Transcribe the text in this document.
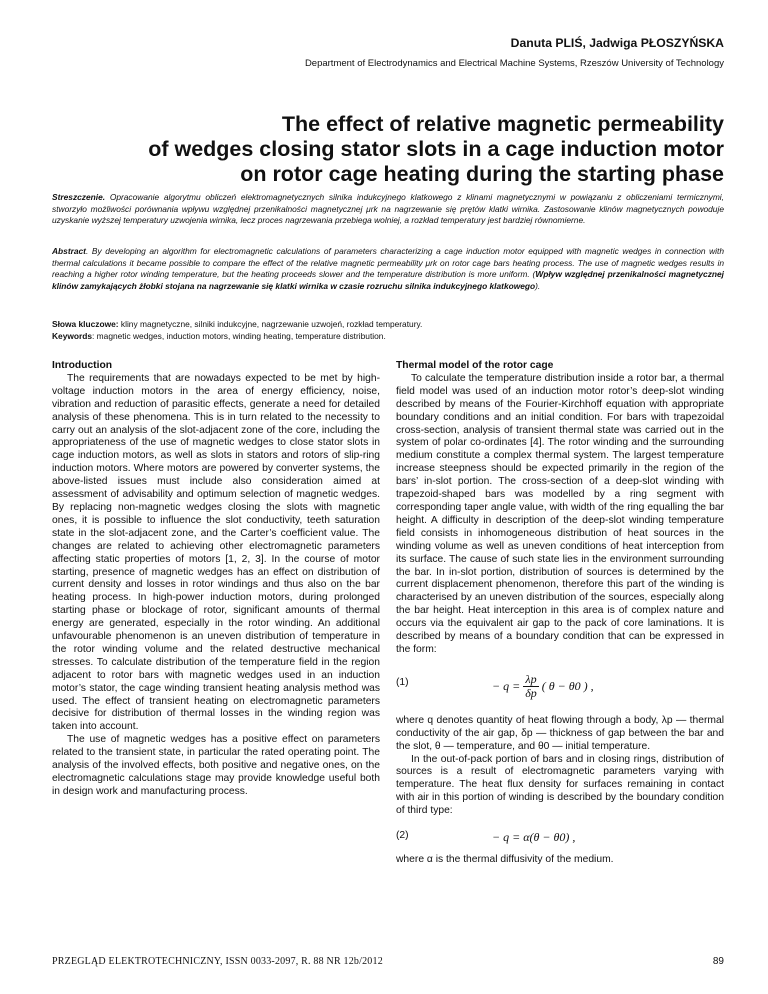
Danuta PLIŚ, Jadwiga PŁOSZYŃSKA
Department of Electrodynamics and Electrical Machine Systems, Rzeszów University of Technology
The effect of relative magnetic permeability
of wedges closing stator slots in a cage induction motor
on rotor cage heating during the starting phase
Streszczenie. Opracowanie algorytmu obliczeń elektromagnetycznych silnika indukcyjnego klatkowego z klinami magnetycznymi w powiązaniu z obliczeniami termicznymi, stworzyło możliwości porównania wpływu względnej przenikalności magnetycznej μrk na nagrzewanie się prętów klatki wirnika. Zastosowanie klinów magnetycznych powoduje uzyskanie wyższej temperatury uzwojenia wirnika, lecz proces nagrzewania przebiega wolniej, a rozkład temperatury jest bardziej równomierne.
Abstract. By developing an algorithm for electromagnetic calculations of parameters characterizing a cage induction motor equipped with magnetic wedges in connection with thermal calculations it became possible to compare the effect of the relative magnetic permeability μrk on rotor cage bars heating process. The use of magnetic wedges results in reaching a higher rotor winding temperature, but the heating proceeds slower and the temperature distribution is more uniform. (Wpływ względnej przenikalności magnetycznej klinów zamykających żłobki stojana na nagrzewanie się klatki wirnika w czasie rozruchu silnika indukcyjnego klatkowego).
Słowa kluczowe: kliny magnetyczne, silniki indukcyjne, nagrzewanie uzwojeń, rozkład temperatury.
Keywords: magnetic wedges, induction motors, winding heating, temperature distribution.
Introduction

The requirements that are nowadays expected to be met by high-voltage induction motors in the area of energy efficiency, noise, vibration and reduction of parasitic effects, generate a need for detailed analysis of these phenomena. This is in turn related to the necessity to carry out an analysis of the slot-adjacent zone of the core, including the appropriateness of the use of magnetic wedges to close stator slots in cage induction motors, as well as slots in stators and rotors of slip-ring induction motors. Where motors are powered by converter systems, the above-listed issues must include also consideration aimed at assessment of advisability and optimum selection of magnetic wedges. By replacing non-magnetic wedges closing the slots with magnetic ones, it is possible to influence the slot conductivity, teeth saturation state in the slot-adjacent zone, and the Carter’s coefficient value. The changes are related to achieving other electromagnetic parameters affecting static properties of motors [1, 2, 3]. In the course of motor starting, presence of magnetic wedges has an effect on distribution of current density and losses in rotor windings and thus also on the bar heating process. In high-power induction motors, during prolonged starting phase or blockage of rotor, significant amounts of thermal energy are generated, especially in the rotor winding. An additional unfavourable phenomenon is an uneven distribution of temperature in the rotor winding volume and the related destructive mechanical stresses. To calculate distribution of the temperature field in the region adjacent to rotor bars with magnetic wedges used in an induction motor’s stator, the cage winding transient heating analysis method was used. The effect of transient heating on electromagnetic parameters decisive for distribution of thermal losses in the winding region was taken into account.

The use of magnetic wedges has a positive effect on parameters related to the transient state, in particular the rated operating point. The analysis of the involved effects, both positive and negative ones, on the electromagnetic calculations stage may provide knowledge useful both in design work and manufacturing process.

Thermal model of the rotor cage

To calculate the temperature distribution inside a rotor bar, a thermal field model was used of an induction motor rotor’s deep-slot winding described by means of the Fourier-Kirchhoff equation with appropriate boundary conditions and an initial condition. For bars with trapezoidal cross-section, analysis of transient thermal state was carried out in the system of polar co-ordinates [4]. The rotor winding and the surrounding medium constitute a complex thermal system. The largest temperature increase steepness should be expected primarily in the region of the bars’ in-slot portion. The cross-section of a deep-slot winding with trapezoid-shaped bars was modelled by a ring segment with corresponding taper angle value, with width of the ring equalling the bar height. A difficulty in description of the deep-slot winding temperature field consists in inhomogeneous distribution of heat sources in the winding volume as well as uneven conditions of heat interception from its surface. The cause of such state lies in the environment surrounding the bar. In in-slot portion, distribution of sources is determined by the current displacement phenomenon, therefore this part of the winding is characterised by an uneven distribution of the sources, especially along the bar height. Heat interception in this area is of complex nature and occurs via the equivalent air gap to the pack of core laminations. It is described by means of a boundary condition that can be expressed in the form:

(1)	− $q = \frac{\lambda p}{\delta p}$ ( θ − θ0 ) ,

where q denotes quantity of heat flowing through a body, λp — thermal conductivity of the air gap, δp — thickness of gap between the bar and the slot, θ — temperature, and θ0 — initial temperature.

In the out-of-pack portion of bars and in closing rings, distribution of sources is a result of electromagnetic parameters varying with temperature. The heat flux density for surfaces remaining in contact with air in this portion of winding is described by the boundary condition of third type:

(2)	− q = α(θ − θ0) ,

where α is the thermal diffusivity of the medium.

PRZEGLĄD ELEKTROTECHNICZNY, ISSN 0033-2097, R. 88 NR 12b/2012	89
